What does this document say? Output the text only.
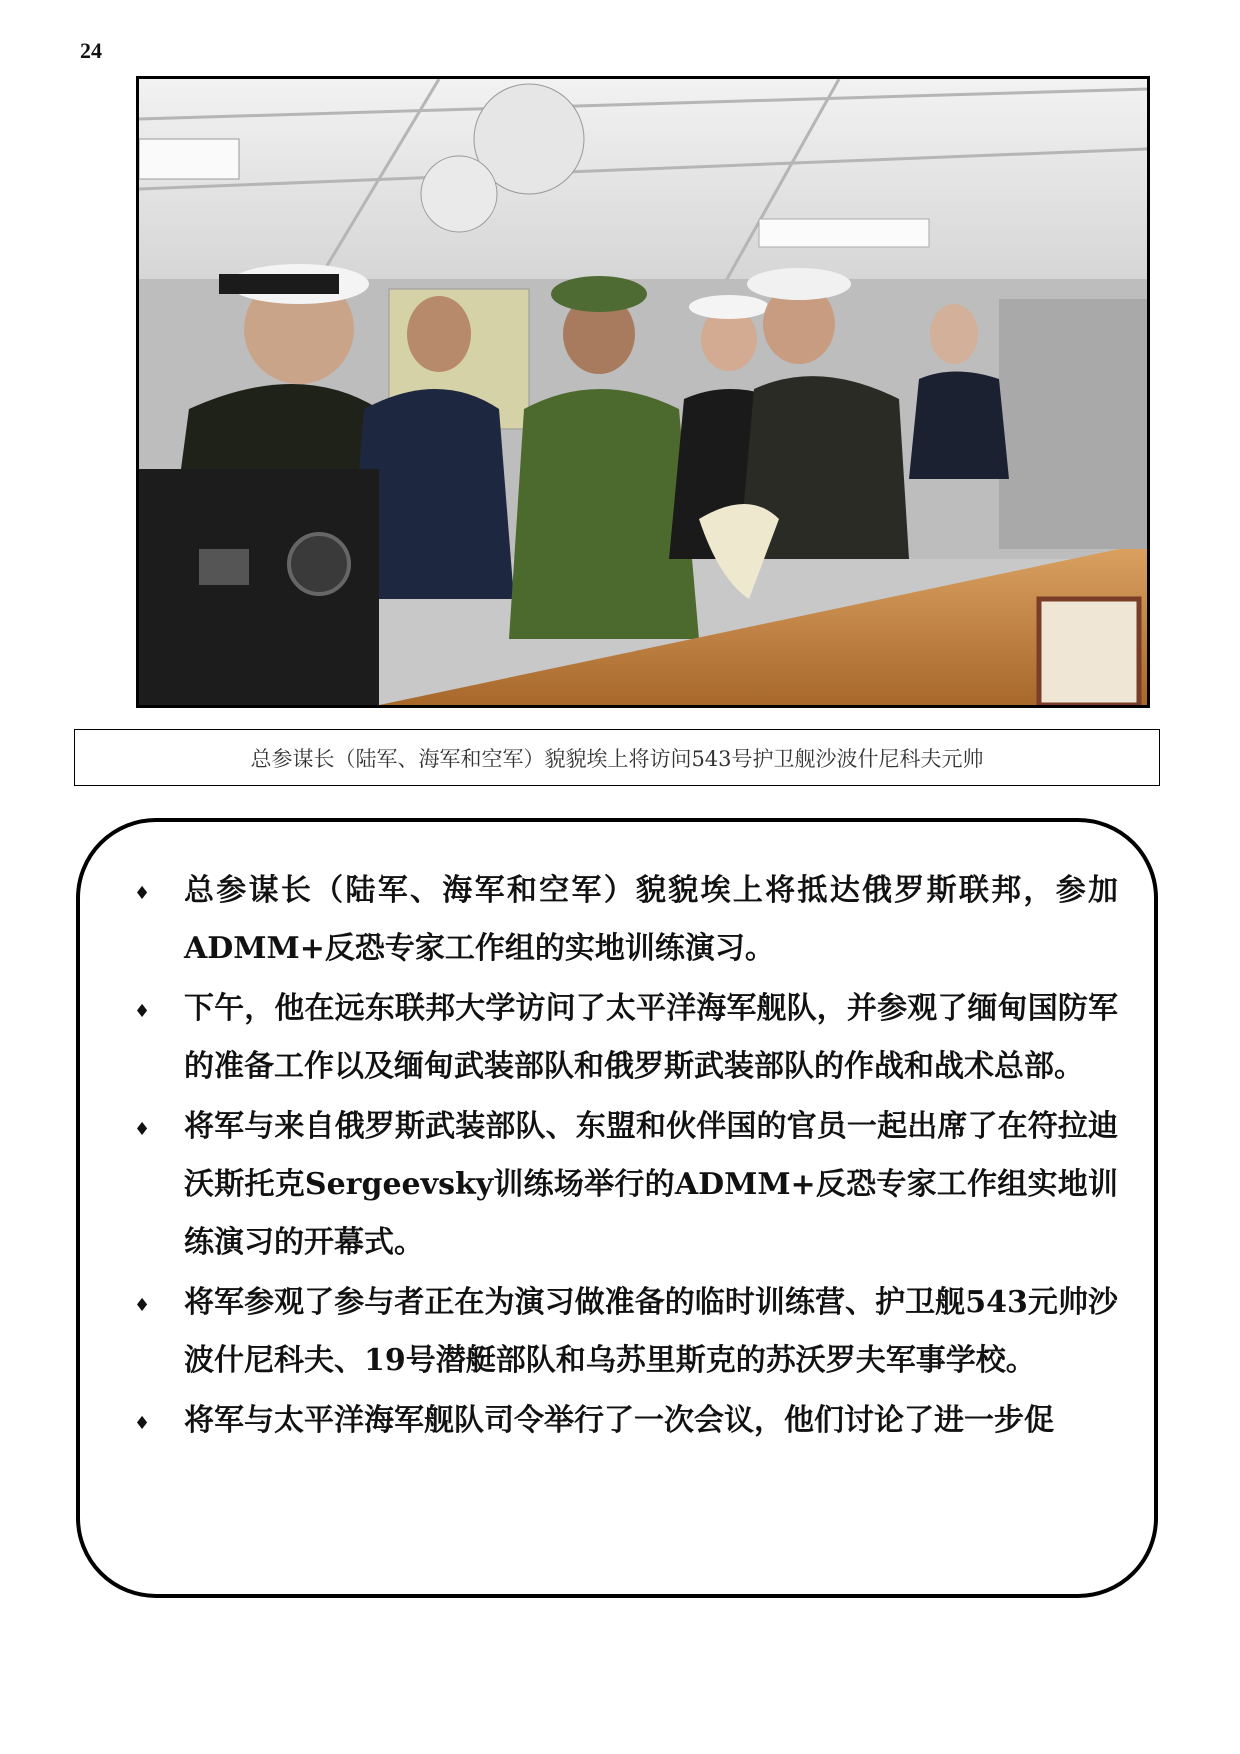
24
总参谋长（陆军、海军和空军）貌貌埃上将访问543号护卫舰沙波什尼科夫元帅
♦ 总参谋长（陆军、海军和空军）貌貌埃上将抵达俄罗斯联邦，参加ADMM+反恐专家工作组的实地训练演习。
♦ 下午，他在远东联邦大学访问了太平洋海军舰队，并参观了缅甸国防军的准备工作以及缅甸武装部队和俄罗斯武装部队的作战和战术总部。
♦ 将军与来自俄罗斯武装部队、东盟和伙伴国的官员一起出席了在符拉迪沃斯托克Sergeevsky训练场举行的ADMM+反恐专家工作组实地训练演习的开幕式。
♦ 将军参观了参与者正在为演习做准备的临时训练营、护卫舰543元帅沙波什尼科夫、19号潜艇部队和乌苏里斯克的苏沃罗夫军事学校。
♦ 将军与太平洋海军舰队司令举行了一次会议，他们讨论了进一步促
